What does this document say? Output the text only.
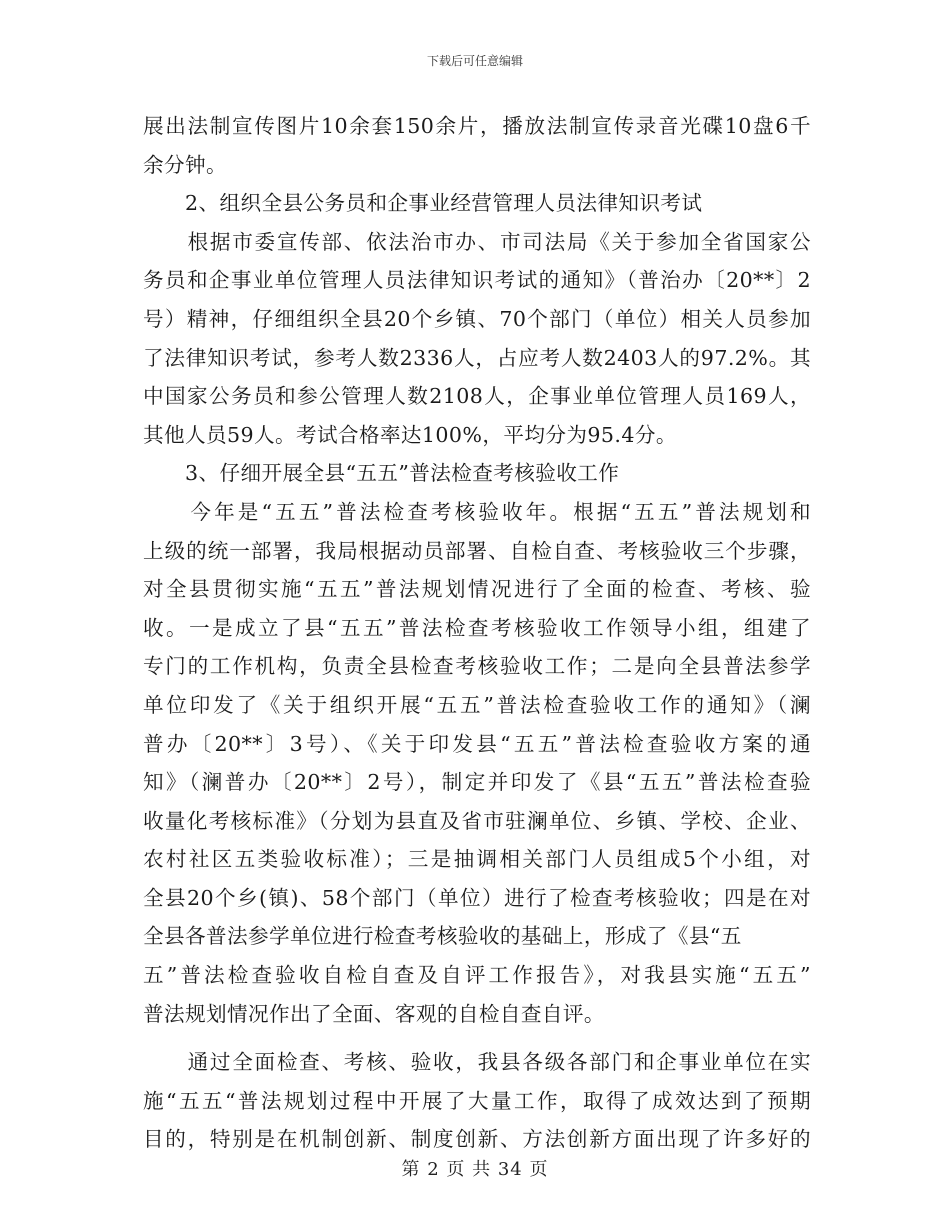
下载后可任意编辑
展出法制宣传图片10余套150余片，播放法制宣传录音光碟10盘6千
余分钟。
　　2、组织全县公务员和企事业经营管理人员法律知识考试
　　根据市委宣传部、依法治市办、市司法局《关于参加全省国家公
务员和企事业单位管理人员法律知识考试的通知》（普治办〔20**〕2
号）精神，仔细组织全县20个乡镇、70个部门（单位）相关人员参加
了法律知识考试，参考人数2336人，占应考人数2403人的97.2%。其
中国家公务员和参公管理人数2108人，企事业单位管理人员169人，
其他人员59人。考试合格率达100%，平均分为95.4分。
　　3、仔细开展全县“五五”普法检查考核验收工作
　　今年是“五五”普法检查考核验收年。根据“五五”普法规划和
上级的统一部署，我局根据动员部署、自检自查、考核验收三个步骤，
对全县贯彻实施“五五”普法规划情况进行了全面的检查、考核、验
收。一是成立了县“五五”普法检查考核验收工作领导小组，组建了
专门的工作机构，负责全县检查考核验收工作；二是向全县普法参学
单位印发了《关于组织开展“五五”普法检查验收工作的通知》（澜
普办〔20**〕3号）、《关于印发县“五五”普法检查验收方案的通
知》（澜普办〔20**〕2号），制定并印发了《县“五五”普法检查验
收量化考核标准》（分划为县直及省市驻澜单位、乡镇、学校、企业、
农村社区五类验收标准）；三是抽调相关部门人员组成5个小组，对
全县20个乡(镇)、58个部门（单位）进行了检查考核验收；四是在对
全县各普法参学单位进行检查考核验收的基础上，形成了《县“五
五”普法检查验收自检自查及自评工作报告》，对我县实施“五五”
普法规划情况作出了全面、客观的自检自查自评。
　　通过全面检查、考核、验收，我县各级各部门和企事业单位在实
施“五五“普法规划过程中开展了大量工作，取得了成效达到了预期
目的，特别是在机制创新、制度创新、方法创新方面出现了许多好的
第 2 页 共 34 页
